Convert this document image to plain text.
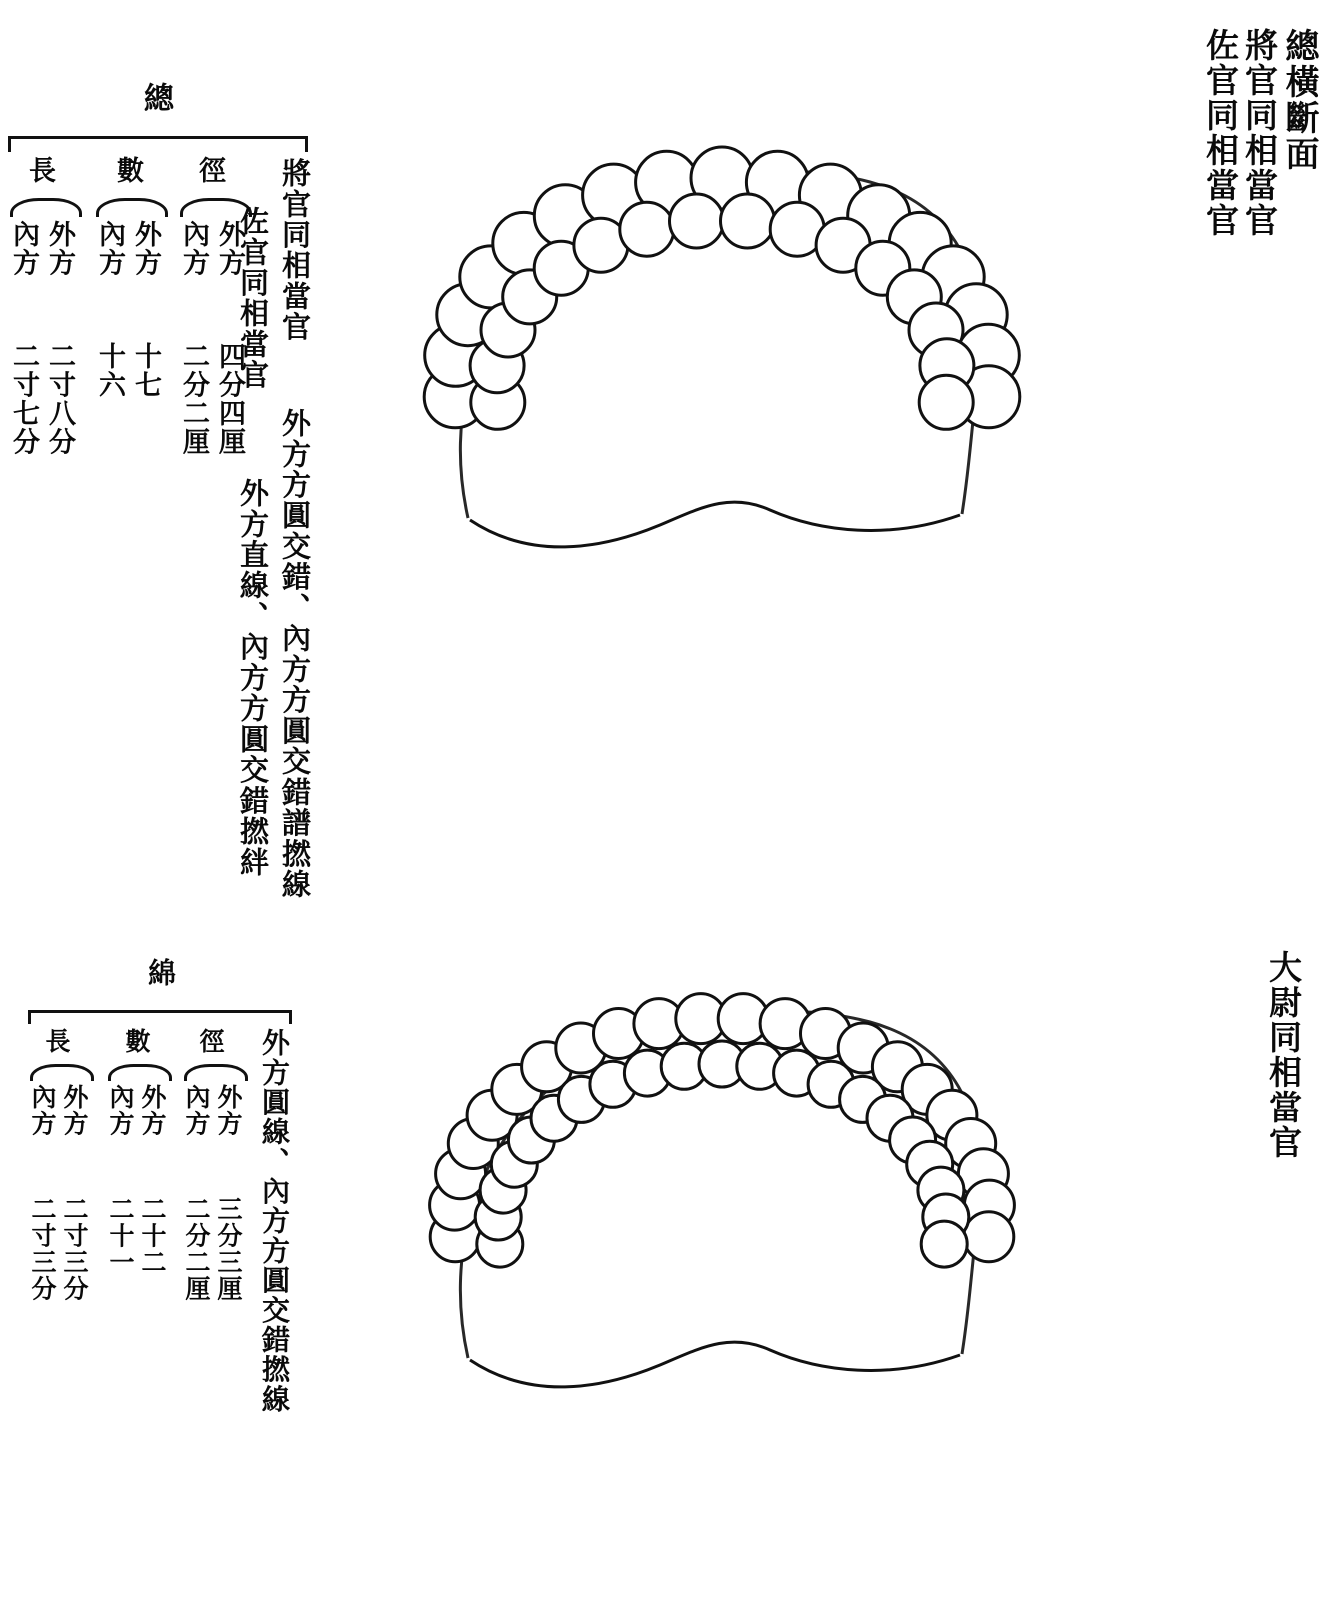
佐官同相當官 將官同相當官 總橫斷面
大尉同相當官
總
長 數 徑
內方 外方 內方 外方 內方 外方
二寸七分 二寸八分 十六 十七 二分二厘 四分四厘
將官同相當官
佐官同相當官
外方方圓交錯、內方方圓交錯譜撚線
外方直線、內方方圓交錯撚絆
綿
長 數 徑
內方 外方 內方 外方 內方 外方
二寸三分 二寸三分 二十一 二十二 二分二厘 三分三厘 外方圓線、內方方圓交錯撚線
